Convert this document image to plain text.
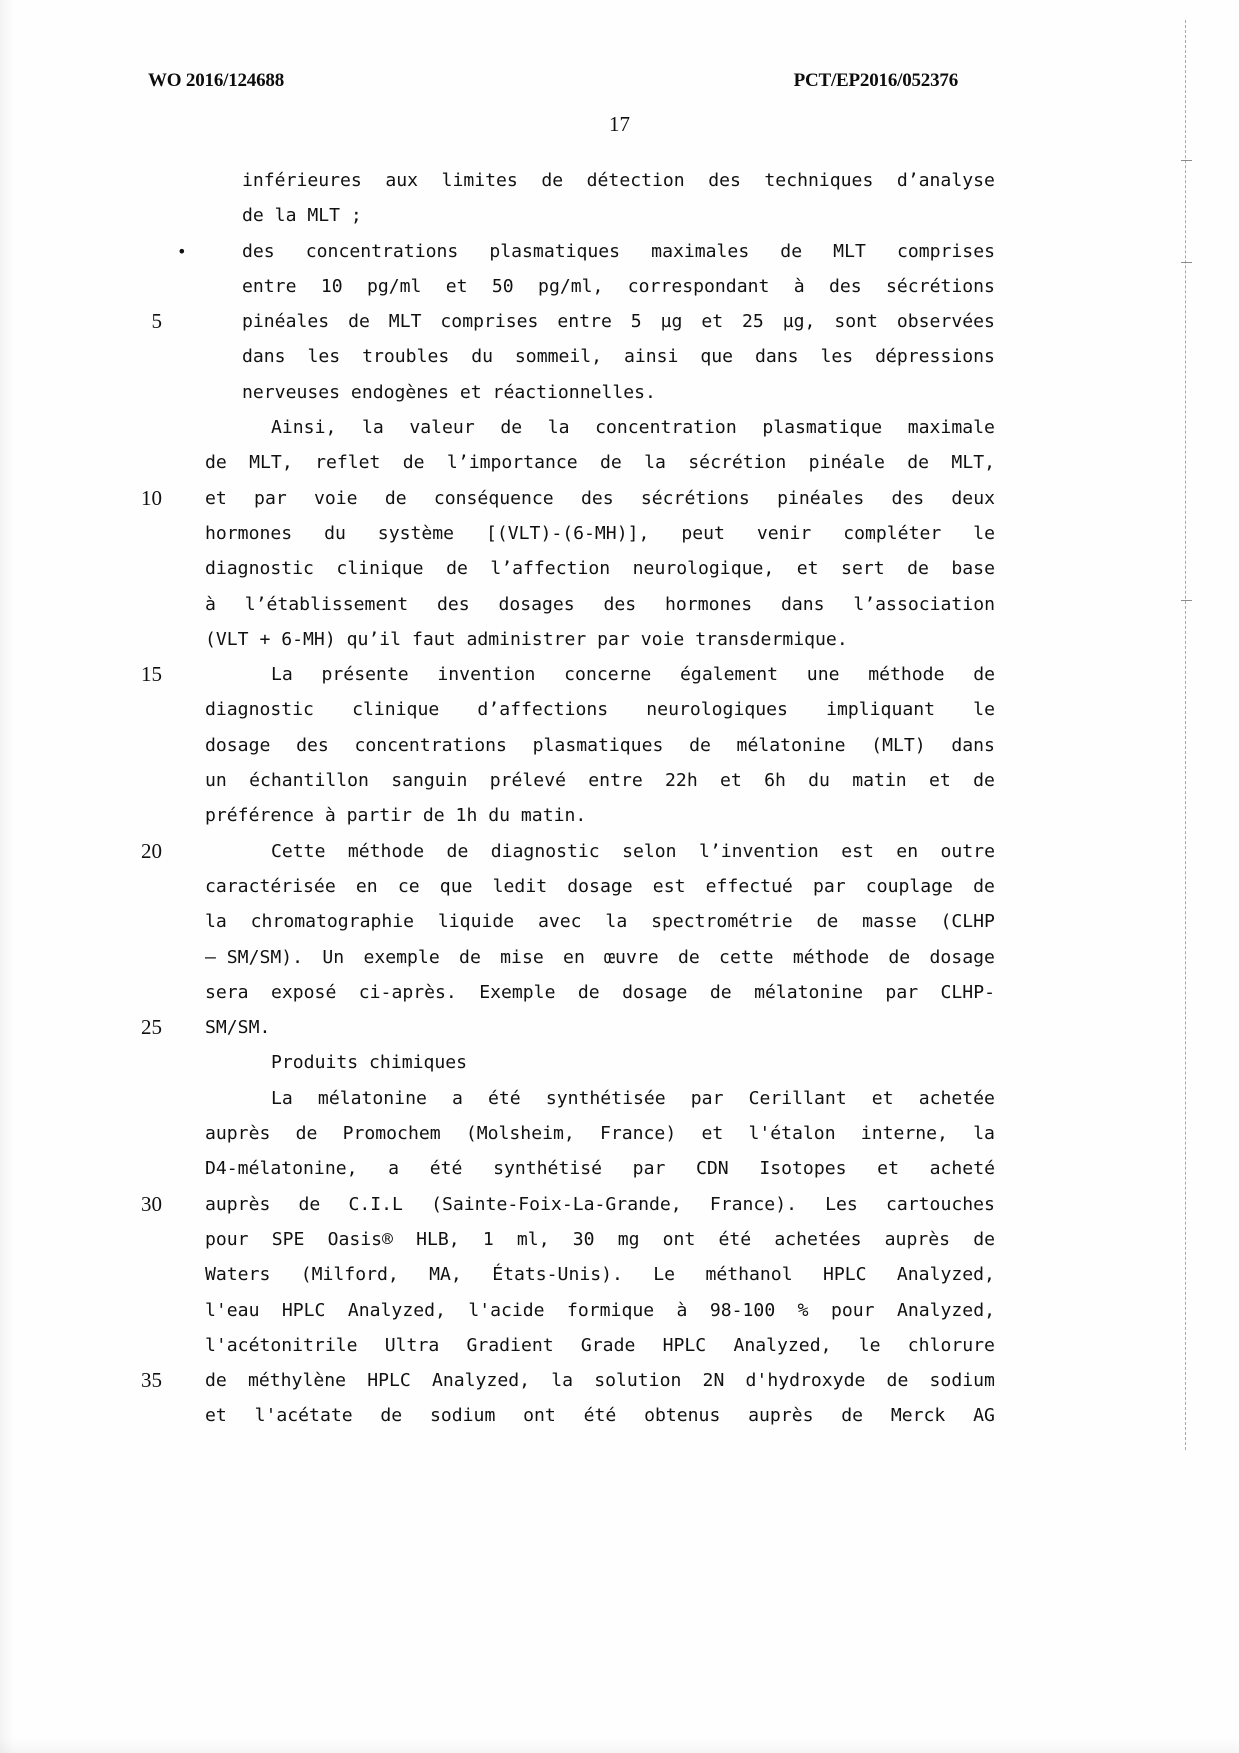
WO 2016/124688	PCT/EP2016/052376
17
5
10
15
20
25
30
35
inférieures aux limites de détection des techniques d’analyse
de la MLT ;
des concentrations plasmatiques maximales de MLT comprises
•
entre 10 pg/ml et 50 pg/ml, correspondant à des sécrétions
pinéales de MLT comprises entre 5 µg et 25 µg, sont observées
dans les troubles du sommeil, ainsi que dans les dépressions
nerveuses endogènes et réactionnelles.
Ainsi, la valeur de la concentration plasmatique maximale
de MLT, reflet de l’importance de la sécrétion pinéale de MLT,
et par voie de conséquence des sécrétions pinéales des deux
hormones du système [(VLT)-(6-MH)], peut venir compléter le
diagnostic clinique de l’affection neurologique, et sert de base
à l’établissement des dosages des hormones dans l’association
(VLT + 6-MH) qu’il faut administrer par voie transdermique.
La présente invention concerne également une méthode de
diagnostic clinique d’affections neurologiques impliquant le
dosage des concentrations plasmatiques de mélatonine (MLT) dans
un échantillon sanguin prélevé entre 22h et 6h du matin et de
préférence à partir de 1h du matin.
Cette méthode de diagnostic selon l’invention est en outre
caractérisée en ce que ledit dosage est effectué par couplage de
la chromatographie liquide avec la spectrométrie de masse (CLHP
– SM/SM). Un exemple de mise en œuvre de cette méthode de dosage
sera exposé ci-après. Exemple de dosage de mélatonine par CLHP-
SM/SM.
Produits chimiques
La mélatonine a été synthétisée par Cerillant et achetée
auprès de Promochem (Molsheim, France) et l'étalon interne, la
D4-mélatonine, a été synthétisé par CDN Isotopes et acheté
auprès de C.I.L (Sainte-Foix-La-Grande, France). Les cartouches
pour SPE Oasis® HLB, 1 ml, 30 mg ont été achetées auprès de
Waters (Milford, MA, États-Unis). Le méthanol HPLC Analyzed,
l'eau HPLC Analyzed, l'acide formique à 98-100 % pour Analyzed,
l'acétonitrile Ultra Gradient Grade HPLC Analyzed, le chlorure
de méthylène HPLC Analyzed, la solution 2N d'hydroxyde de sodium
et l'acétate de sodium ont été obtenus auprès de Merck AG
